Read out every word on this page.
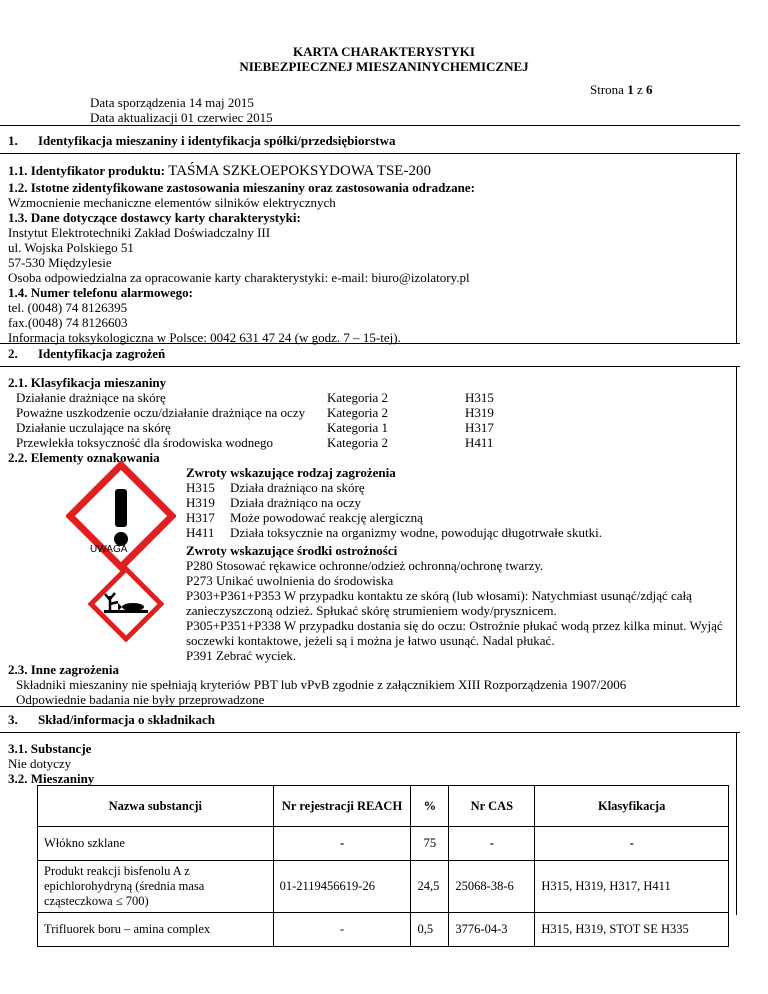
KARTA CHARAKTERYSTYKI
NIEBEZPIECZNEJ MIESZANINYCHEMICZNEJ
Strona 1 z 6
Data sporządzenia 14 maj 2015
Data aktualizacji 01 czerwiec 2015
1. Identyfikacja mieszaniny i identyfikacja spółki/przedsiębiorstwa
1.1. Identyfikator produktu: TAŚMA SZKŁOEPOKSYDOWA TSE-200
1.2. Istotne zidentyfikowane zastosowania mieszaniny oraz zastosowania odradzane:
Wzmocnienie mechaniczne elementów silników elektrycznych
1.3. Dane dotyczące dostawcy karty charakterystyki:
Instytut Elektrotechniki Zakład Doświadczalny III
ul. Wojska Polskiego 51
57-530 Międzylesie
Osoba odpowiedzialna za opracowanie karty charakterystyki: e-mail: biuro@izolatory.pl
1.4. Numer telefonu alarmowego:
tel. (0048) 74 8126395
fax.(0048) 74 8126603
Informacja toksykologiczna w Polsce: 0042 631 47 24 (w godz. 7 – 15-tej).
2. Identyfikacja zagrożeń
2.1. Klasyfikacja mieszaniny
Działanie drażniące na skórę	Kategoria 2	H315
Poważne uszkodzenie oczu/działanie drażniące na oczy Kategoria 2	H319
Działanie uczulające na skórę	Kategoria 1	H317
Przewlekła toksyczność dla środowiska wodnego	Kategoria 2	H411
2.2. Elementy oznakowania
Zwroty wskazujące rodzaj zagrożenia
H315 Działa drażniąco na skórę
H319 Działa drażniąco na oczy
H317 Może powodować reakcję alergiczną
H411 Działa toksycznie na organizmy wodne, powodując długotrwałe skutki.
UWAGA	Zwroty wskazujące środki ostrożności
P280 Stosować rękawice ochronne/odzież ochronną/ochronę twarzy.
P273 Unikać uwolnienia do środowiska
P303+P361+P353 W przypadku kontaktu ze skórą (lub włosami): Natychmiast usunąć/zdjąć całą
zanieczyszczoną odzież. Spłukać skórę strumieniem wody/prysznicem.
P305+P351+P338 W przypadku dostania się do oczu: Ostrożnie płukać wodą przez kilka minut. Wyjąć
soczewki kontaktowe, jeżeli są i można je łatwo usunąć. Nadal płukać.
P391 Zebrać wyciek.
2.3. Inne zagrożenia
Składniki mieszaniny nie spełniają kryteriów PBT lub vPvB zgodnie z załącznikiem XIII Rozporządzenia 1907/2006
Odpowiednie badania nie były przeprowadzone
3. Skład/informacja o składnikach
3.1. Substancje
Nie dotyczy
3.2. Mieszaniny
Nazwa substancji	Nr rejestracji REACH	%	Nr CAS	Klasyfikacja
Włókno szklane	-	75	-	-
Produkt reakcji bisfenolu A z epichlorohydryną (średnia masa cząsteczkowa ≤ 700)	01-2119456619-26	24,5	25068-38-6	H315, H319, H317, H411
Trifluorek boru – amina complex	-	0,5	3776-04-3	H315, H319, STOT SE H335
